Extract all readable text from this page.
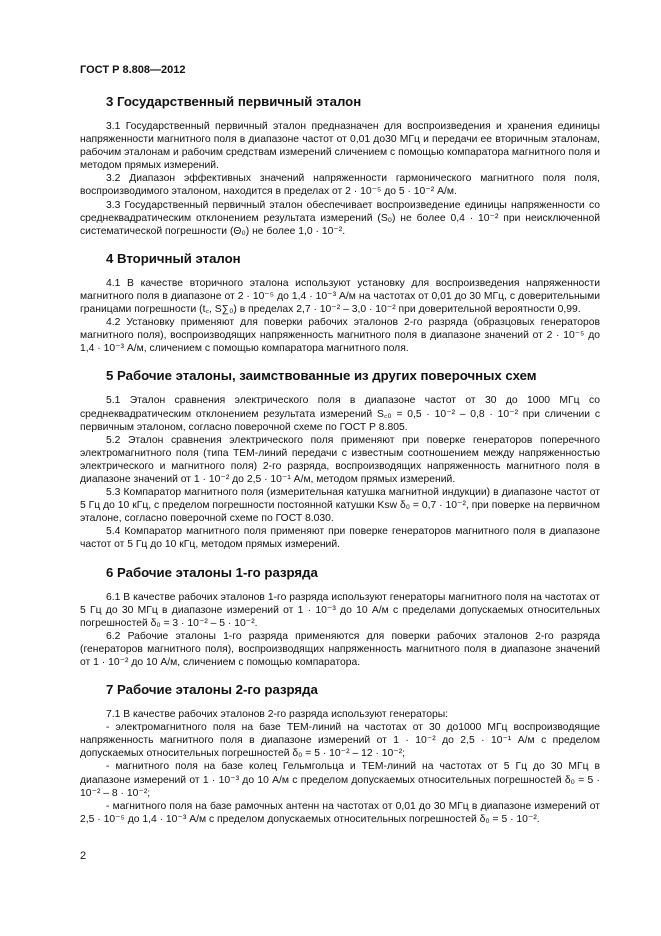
ГОСТ Р 8.808—2012
3 Государственный первичный эталон

3.1 Государственный первичный эталон предназначен для воспроизведения и хранения единицы напряженности магнитного поля в диапазоне частот от 0,01 до30 МГц и передачи ее вторичным эталонам, рабочим эталонам и рабочим средствам измерений сличением с помощью компаратора магнитного поля и методом прямых измерений.

3.2 Диапазон эффективных значений напряженности гармонического магнитного поля поля, воспроизводимого эталоном, находится в пределах от 2 · 10⁻⁵ до 5 · 10⁻² А/м.

3.3 Государственный первичный эталон обеспечивает воспроизведение единицы напряженности со среднеквадратическим отклонением результата измерений (S₀) не более 0,4 · 10⁻² при неисключенной систематической погрешности (Θ₀) не более 1,0 · 10⁻².

4 Вторичный эталон

4.1 В качестве вторичного эталона используют установку для воспроизведения напряженности магнитного поля в диапазоне от 2 · 10⁻⁵ до 1,4 · 10⁻³ А/м на частотах от 0,01 до 30 МГц, с доверительными границами погрешности (t꜀, S∑₀) в пределах 2,7 · 10⁻² – 3,0 · 10⁻² при доверительной вероятности 0,99.

4.2 Установку применяют для поверки рабочих эталонов 2-го разряда (образцовых генераторов магнитного поля), воспроизводящих напряженность магнитного поля в диапазоне значений от 2 · 10⁻⁵ до 1,4 · 10⁻³ А/м, сличением с помощью компаратора магнитного поля.

5 Рабочие эталоны, заимствованные из других поверочных схем

5.1 Эталон сравнения электрического поля в диапазоне частот от 30 до 1000 МГц со среднеквадратическим отклонением результата измерений S꜀₀ = 0,5 · 10⁻² – 0,8 · 10⁻² при сличении с первичным эталоном, согласно поверочной схеме по ГОСТ Р 8.805.

5.2 Эталон сравнения электрического поля применяют при поверке генераторов поперечного электромагнитного поля (типа ТЕМ-линий передачи с известным соотношением между напряженностью электрического и магнитного поля) 2-го разряда, воспроизводящих напряженность магнитного поля в диапазоне значений от 1 · 10⁻² до 2,5 · 10⁻¹ А/м, методом прямых измерений.

5.3 Компаратор магнитного поля (измерительная катушка магнитной индукции) в диапазоне частот от 5 Гц до 10 кГц, с пределом погрешности постоянной катушки Ksw δ₀ = 0,7 · 10⁻², при поверке на первичном эталоне, согласно поверочной схеме по ГОСТ 8.030.

5.4 Компаратор магнитного поля применяют при поверке генераторов магнитного поля в диапазоне частот от 5 Гц до 10 кГц, методом прямых измерений.

6 Рабочие эталоны 1-го разряда

6.1 В качестве рабочих эталонов 1-го разряда используют генераторы магнитного поля на частотах от 5 Гц до 30 МГц в диапазоне измерений от 1 · 10⁻³ до 10 А/м с пределами допускаемых относительных погрешностей δ₀ = 3 · 10⁻² – 5 · 10⁻².

6.2 Рабочие эталоны 1-го разряда применяются для поверки рабочих эталонов 2-го разряда (генераторов магнитного поля), воспроизводящих напряженность магнитного поля в диапазоне значений от 1 · 10⁻² до 10 А/м, сличением с помощью компаратора.

7 Рабочие эталоны 2-го разряда

7.1 В качестве рабочих эталонов 2-го разряда используют генераторы:

- электромагнитного поля на базе ТЕМ-линий на частотах от 30 до1000 МГц воспроизводящие напряженность магнитного поля в диапазоне измерений от 1 · 10⁻² до 2,5 · 10⁻¹ А/м с пределом допускаемых относительных погрешностей δ₀ = 5 · 10⁻² – 12 · 10⁻²;

- магнитного поля на базе колец Гельмгольца и ТЕМ-линий на частотах от 5 Гц до 30 МГц в диапазоне измерений от 1 · 10⁻³ до 10 А/м с пределом допускаемых относительных погрешностей δ₀ = 5 · 10⁻² – 8 · 10⁻²;

- магнитного поля на базе рамочных антенн на частотах от 0,01 до 30 МГц в диапазоне измерений от 2,5 · 10⁻⁵ до 1,4 · 10⁻³ А/м с пределом допускаемых относительных погрешностей δ₀ = 5 · 10⁻².

2
